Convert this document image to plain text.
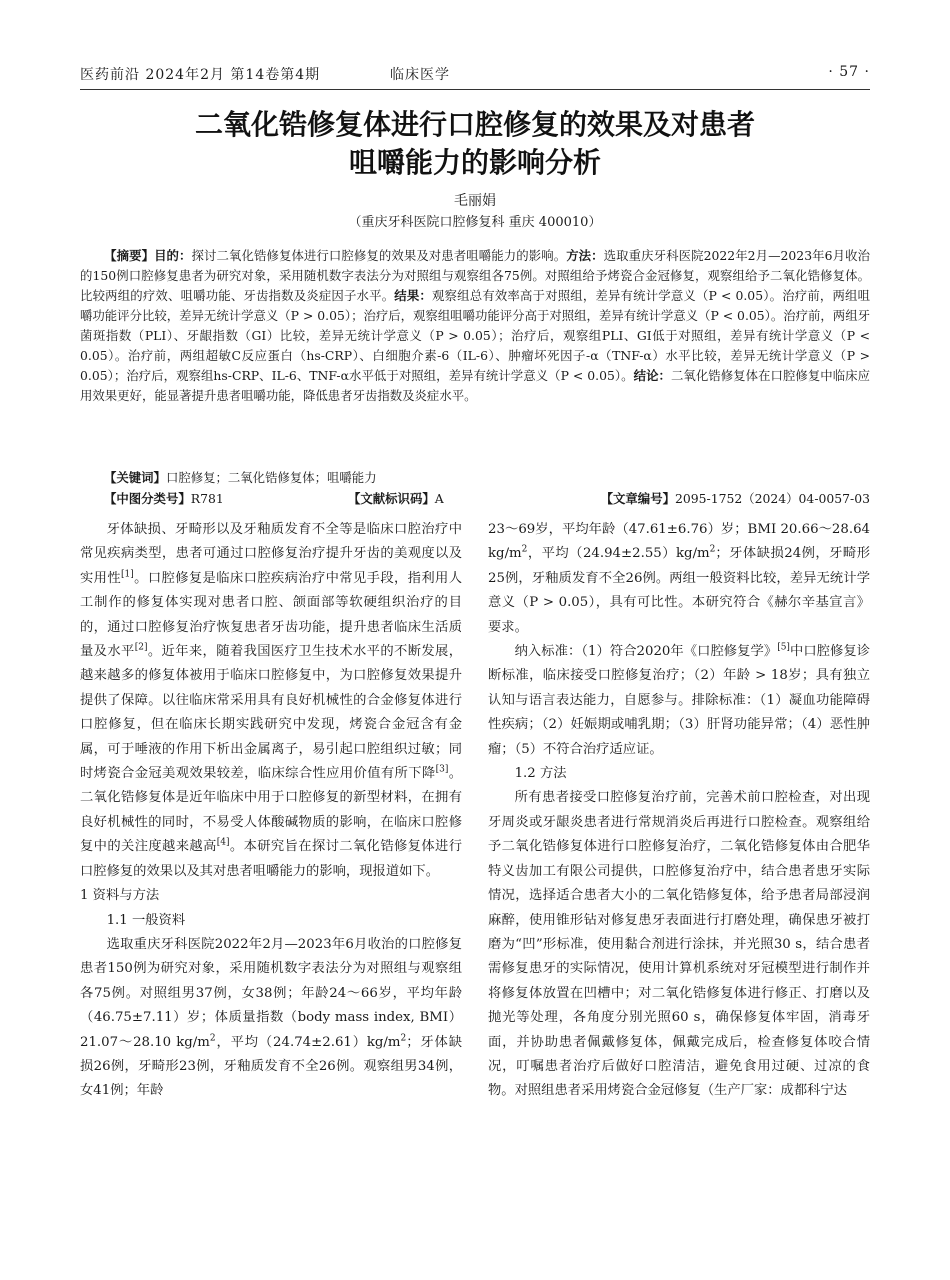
医药前沿 2024年2月 第14卷第4期	临床医学	· 57 ·
二氧化锆修复体进行口腔修复的效果及对患者
咀嚼能力的影响分析
毛丽娟
（重庆牙科医院口腔修复科 重庆 400010）
【摘要】目的：探讨二氧化锆修复体进行口腔修复的效果及对患者咀嚼能力的影响。方法：选取重庆牙科医院2022年2月—2023年6月收治的150例口腔修复患者为研究对象，采用随机数字表法分为对照组与观察组各75例。对照组给予烤瓷合金冠修复，观察组给予二氧化锆修复体。比较两组的疗效、咀嚼功能、牙齿指数及炎症因子水平。结果：观察组总有效率高于对照组，差异有统计学意义（P < 0.05）。治疗前，两组咀嚼功能评分比较，差异无统计学意义（P > 0.05）；治疗后，观察组咀嚼功能评分高于对照组，差异有统计学意义（P < 0.05）。治疗前，两组牙菌斑指数（PLI）、牙龈指数（GI）比较，差异无统计学意义（P > 0.05）；治疗后，观察组PLI、GI低于对照组，差异有统计学意义（P < 0.05）。治疗前，两组超敏C反应蛋白（hs-CRP）、白细胞介素-6（IL-6）、肿瘤坏死因子-α（TNF-α）水平比较，差异无统计学意义（P > 0.05）；治疗后，观察组hs-CRP、IL-6、TNF-α水平低于对照组，差异有统计学意义（P < 0.05）。结论：二氧化锆修复体在口腔修复中临床应用效果更好，能显著提升患者咀嚼功能，降低患者牙齿指数及炎症水平。
【关键词】口腔修复；二氧化锆修复体；咀嚼能力
【中图分类号】R781	【文献标识码】A	【文章编号】2095-1752（2024）04-0057-03

牙体缺损、牙畸形以及牙釉质发育不全等是临床口腔治疗中常见疾病类型，患者可通过口腔修复治疗提升牙齿的美观度以及实用性[1]。口腔修复是临床口腔疾病治疗中常见手段，指利用人工制作的修复体实现对患者口腔、颌面部等软硬组织治疗的目的，通过口腔修复治疗恢复患者牙齿功能，提升患者临床生活质量及水平[2]。近年来，随着我国医疗卫生技术水平的不断发展，越来越多的修复体被用于临床口腔修复中，为口腔修复效果提升提供了保障。以往临床常采用具有良好机械性的合金修复体进行口腔修复，但在临床长期实践研究中发现，烤瓷合金冠含有金属，可于唾液的作用下析出金属离子，易引起口腔组织过敏；同时烤瓷合金冠美观效果较差，临床综合性应用价值有所下降[3]。二氧化锆修复体是近年临床中用于口腔修复的新型材料，在拥有良好机械性的同时，不易受人体酸碱物质的影响，在临床口腔修复中的关注度越来越高[4]。本研究旨在探讨二氧化锆修复体进行口腔修复的效果以及其对患者咀嚼能力的影响，现报道如下。

1 资料与方法

1.1 一般资料

选取重庆牙科医院2022年2月—2023年6月收治的口腔修复患者150例为研究对象，采用随机数字表法分为对照组与观察组各75例。对照组男37例，女38例；年龄24～66岁，平均年龄（46.75±7.11）岁；体质量指数（body mass index, BMI）21.07～28.10 $kg/m^2$，平均$(24.74\pm 2.61)kg/m^2$；牙体缺损26例，牙畸形23例，牙釉质发育不全26例。观察组男34例，女41例；年龄

23～69岁，平均年龄（47.61±6.76）岁；BMI 20.66～28.64 $kg/m^2$，平均$(24.94\pm 2.55)kg/m^2$；牙体缺损24例，牙畸形25例，牙釉质发育不全26例。两组一般资料比较，差异无统计学意义（P > 0.05），具有可比性。本研究符合《赫尔辛基宣言》要求。

纳入标准：（1）符合2020年《口腔修复学》[5]中口腔修复诊断标准，临床接受口腔修复治疗；（2）年龄 > 18岁；具有独立认知与语言表达能力，自愿参与。排除标准：（1）凝血功能障碍性疾病；（2）妊娠期或哺乳期；（3）肝肾功能异常；（4）恶性肿瘤；（5）不符合治疗适应证。

1.2 方法

所有患者接受口腔修复治疗前，完善术前口腔检查，对出现牙周炎或牙龈炎患者进行常规消炎后再进行口腔检查。观察组给予二氧化锆修复体进行口腔修复治疗，二氧化锆修复体由合肥华特义齿加工有限公司提供，口腔修复治疗中，结合患者患牙实际情况，选择适合患者大小的二氧化锆修复体，给予患者局部浸润麻醉，使用锥形钻对修复患牙表面进行打磨处理，确保患牙被打磨为“凹”形标准，使用黏合剂进行涂抹，并光照30 s，结合患者需修复患牙的实际情况，使用计算机系统对牙冠模型进行制作并将修复体放置在凹槽中；对二氧化锆修复体进行修正、打磨以及抛光等处理，各角度分别光照60 s，确保修复体牢固，消毒牙面，并协助患者佩戴修复体，佩戴完成后，检查修复体咬合情况，叮嘱患者治疗后做好口腔清洁，避免食用过硬、过凉的食物。对照组患者采用烤瓷合金冠修复（生产厂家：成都科宁达
